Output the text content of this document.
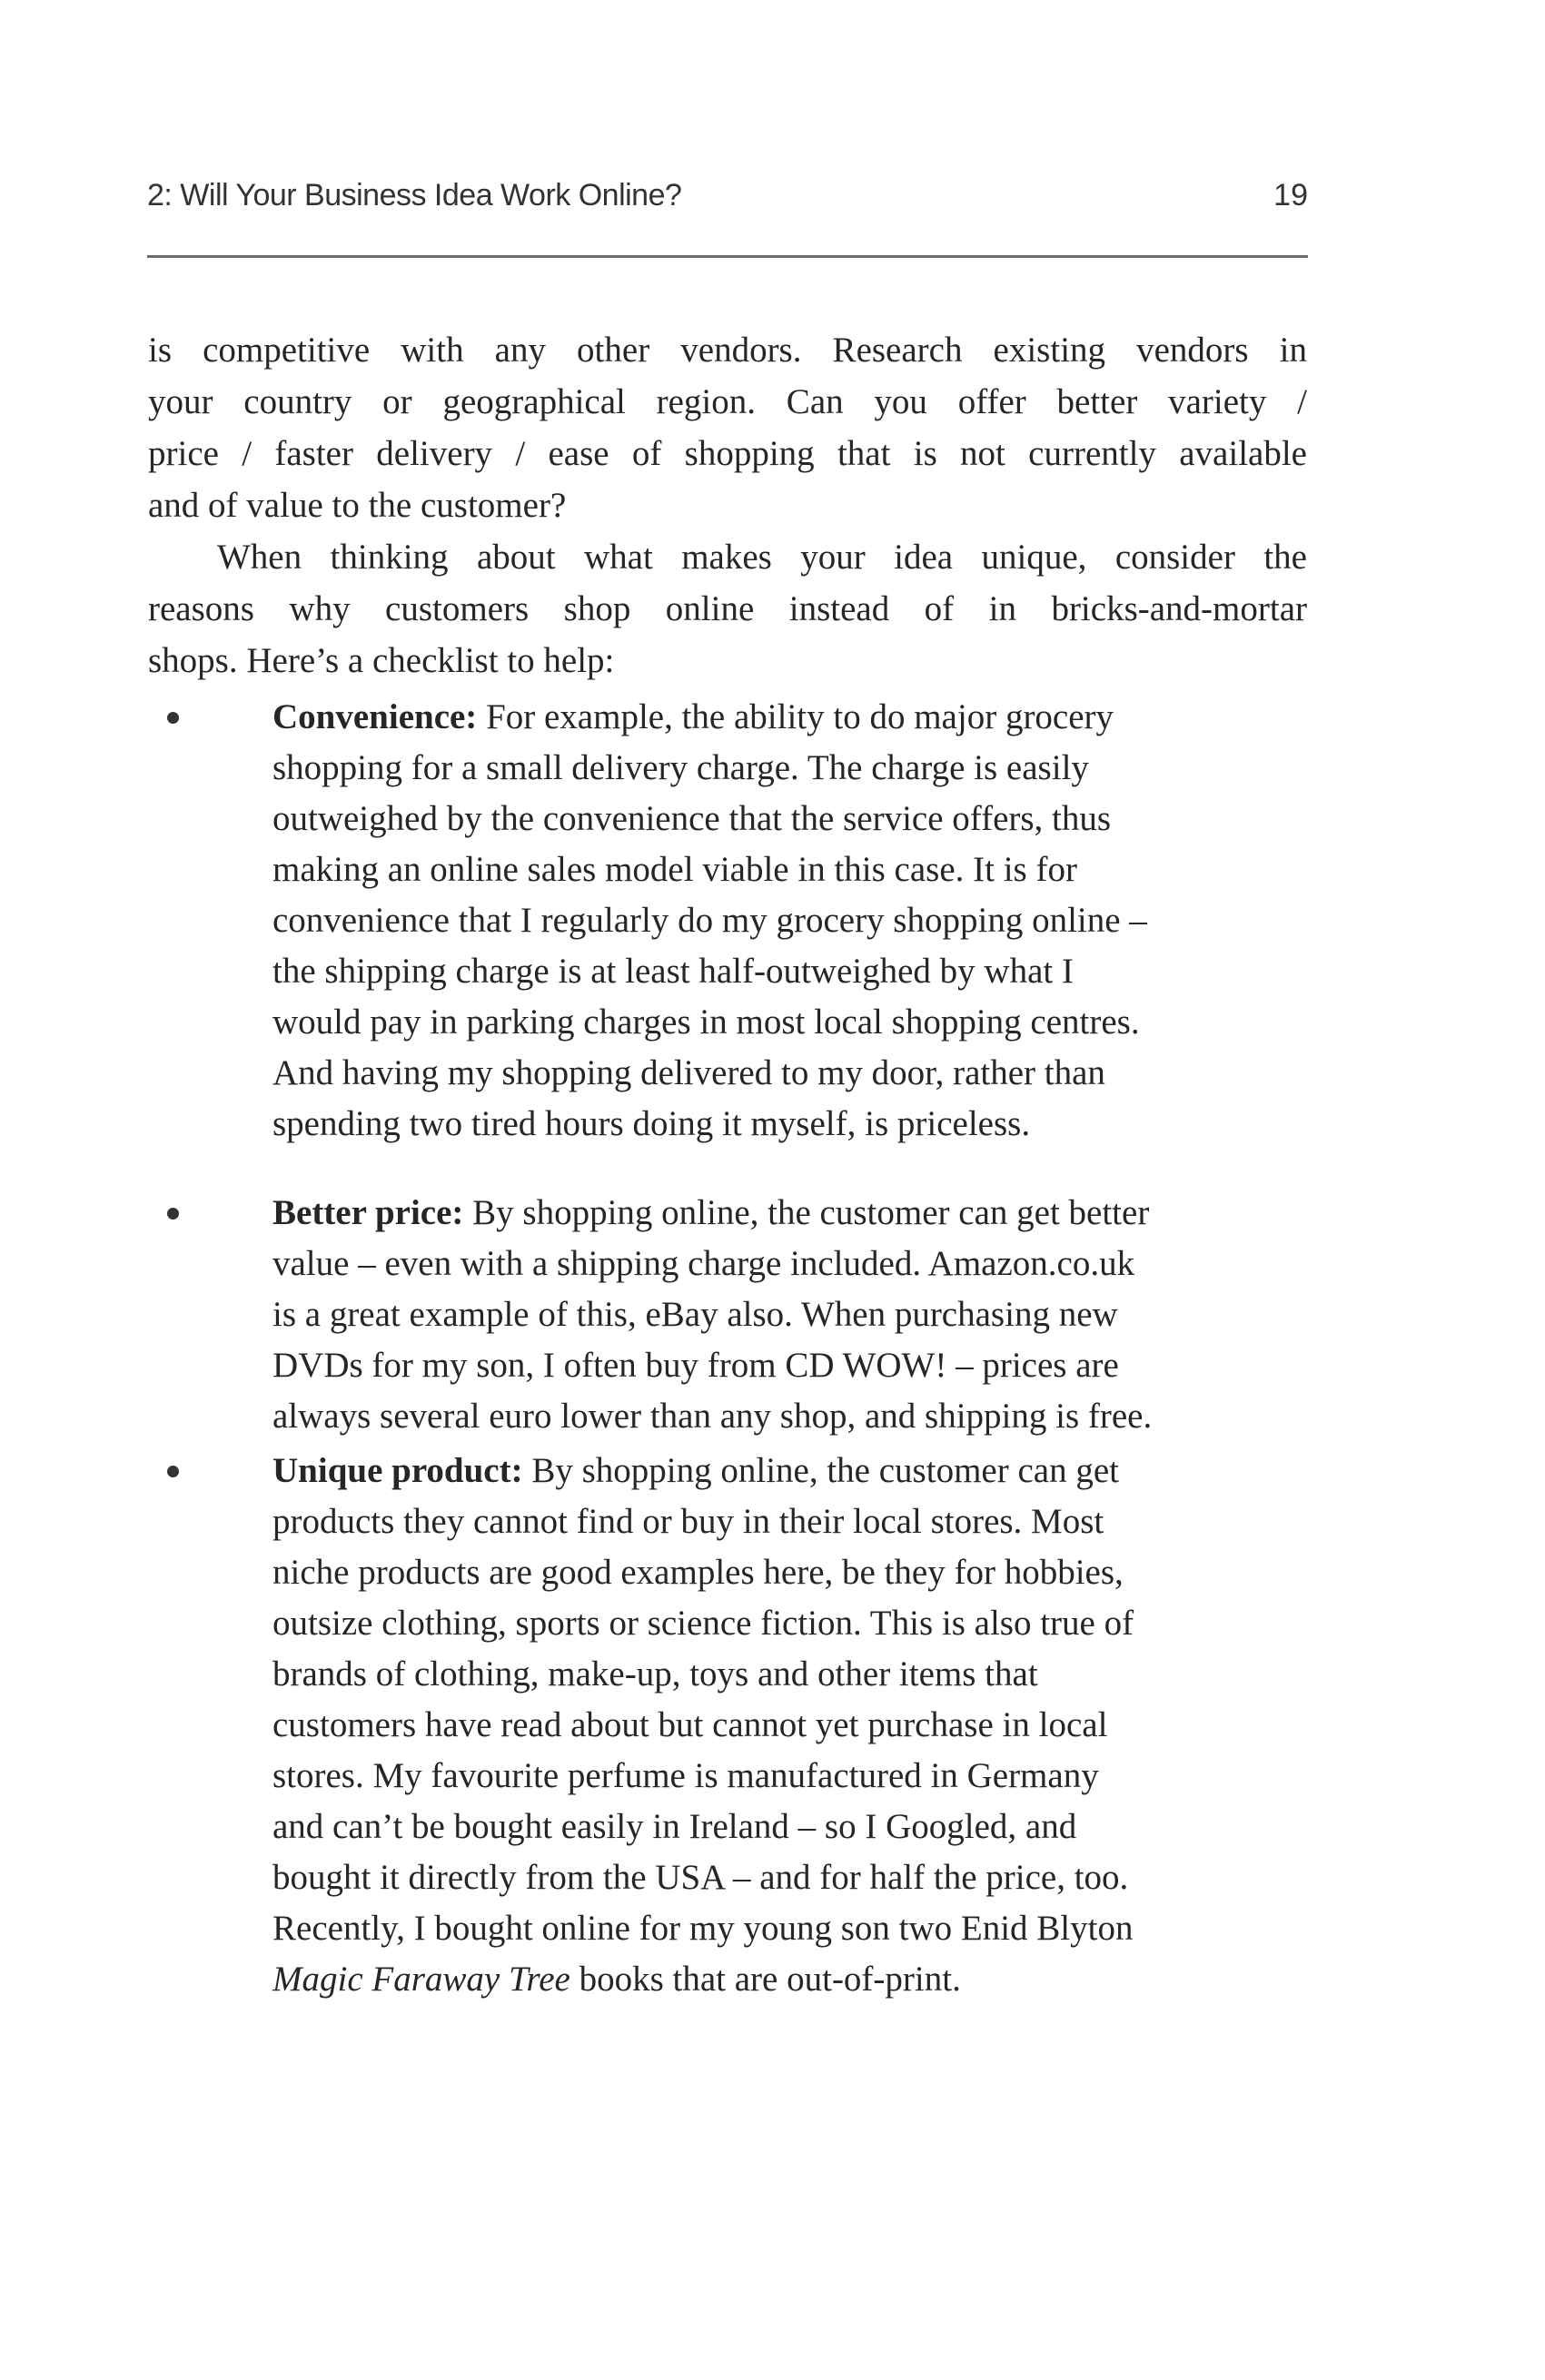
2: Will Your Business Idea Work Online?	19
is competitive with any other vendors. Research existing vendors in
your country or geographical region. Can you offer better variety /
price / faster delivery / ease of shopping that is not currently available
and of value to the customer?
When thinking about what makes your idea unique, consider the
reasons why customers shop online instead of in bricks-and-mortar
shops. Here’s a checklist to help:
Convenience: For example, the ability to do major grocery
shopping for a small delivery charge. The charge is easily
outweighed by the convenience that the service offers, thus
making an online sales model viable in this case. It is for
convenience that I regularly do my grocery shopping online –
the shipping charge is at least half-outweighed by what I
would pay in parking charges in most local shopping centres.
And having my shopping delivered to my door, rather than
spending two tired hours doing it myself, is priceless.
Better price: By shopping online, the customer can get better
value – even with a shipping charge included. Amazon.co.uk
is a great example of this, eBay also. When purchasing new
DVDs for my son, I often buy from CD WOW! – prices are
always several euro lower than any shop, and shipping is free.
Unique product: By shopping online, the customer can get
products they cannot find or buy in their local stores. Most
niche products are good examples here, be they for hobbies,
outsize clothing, sports or science fiction. This is also true of
brands of clothing, make-up, toys and other items that
customers have read about but cannot yet purchase in local
stores. My favourite perfume is manufactured in Germany
and can’t be bought easily in Ireland – so I Googled, and
bought it directly from the USA – and for half the price, too.
Recently, I bought online for my young son two Enid Blyton
Magic Faraway Tree books that are out-of-print.
